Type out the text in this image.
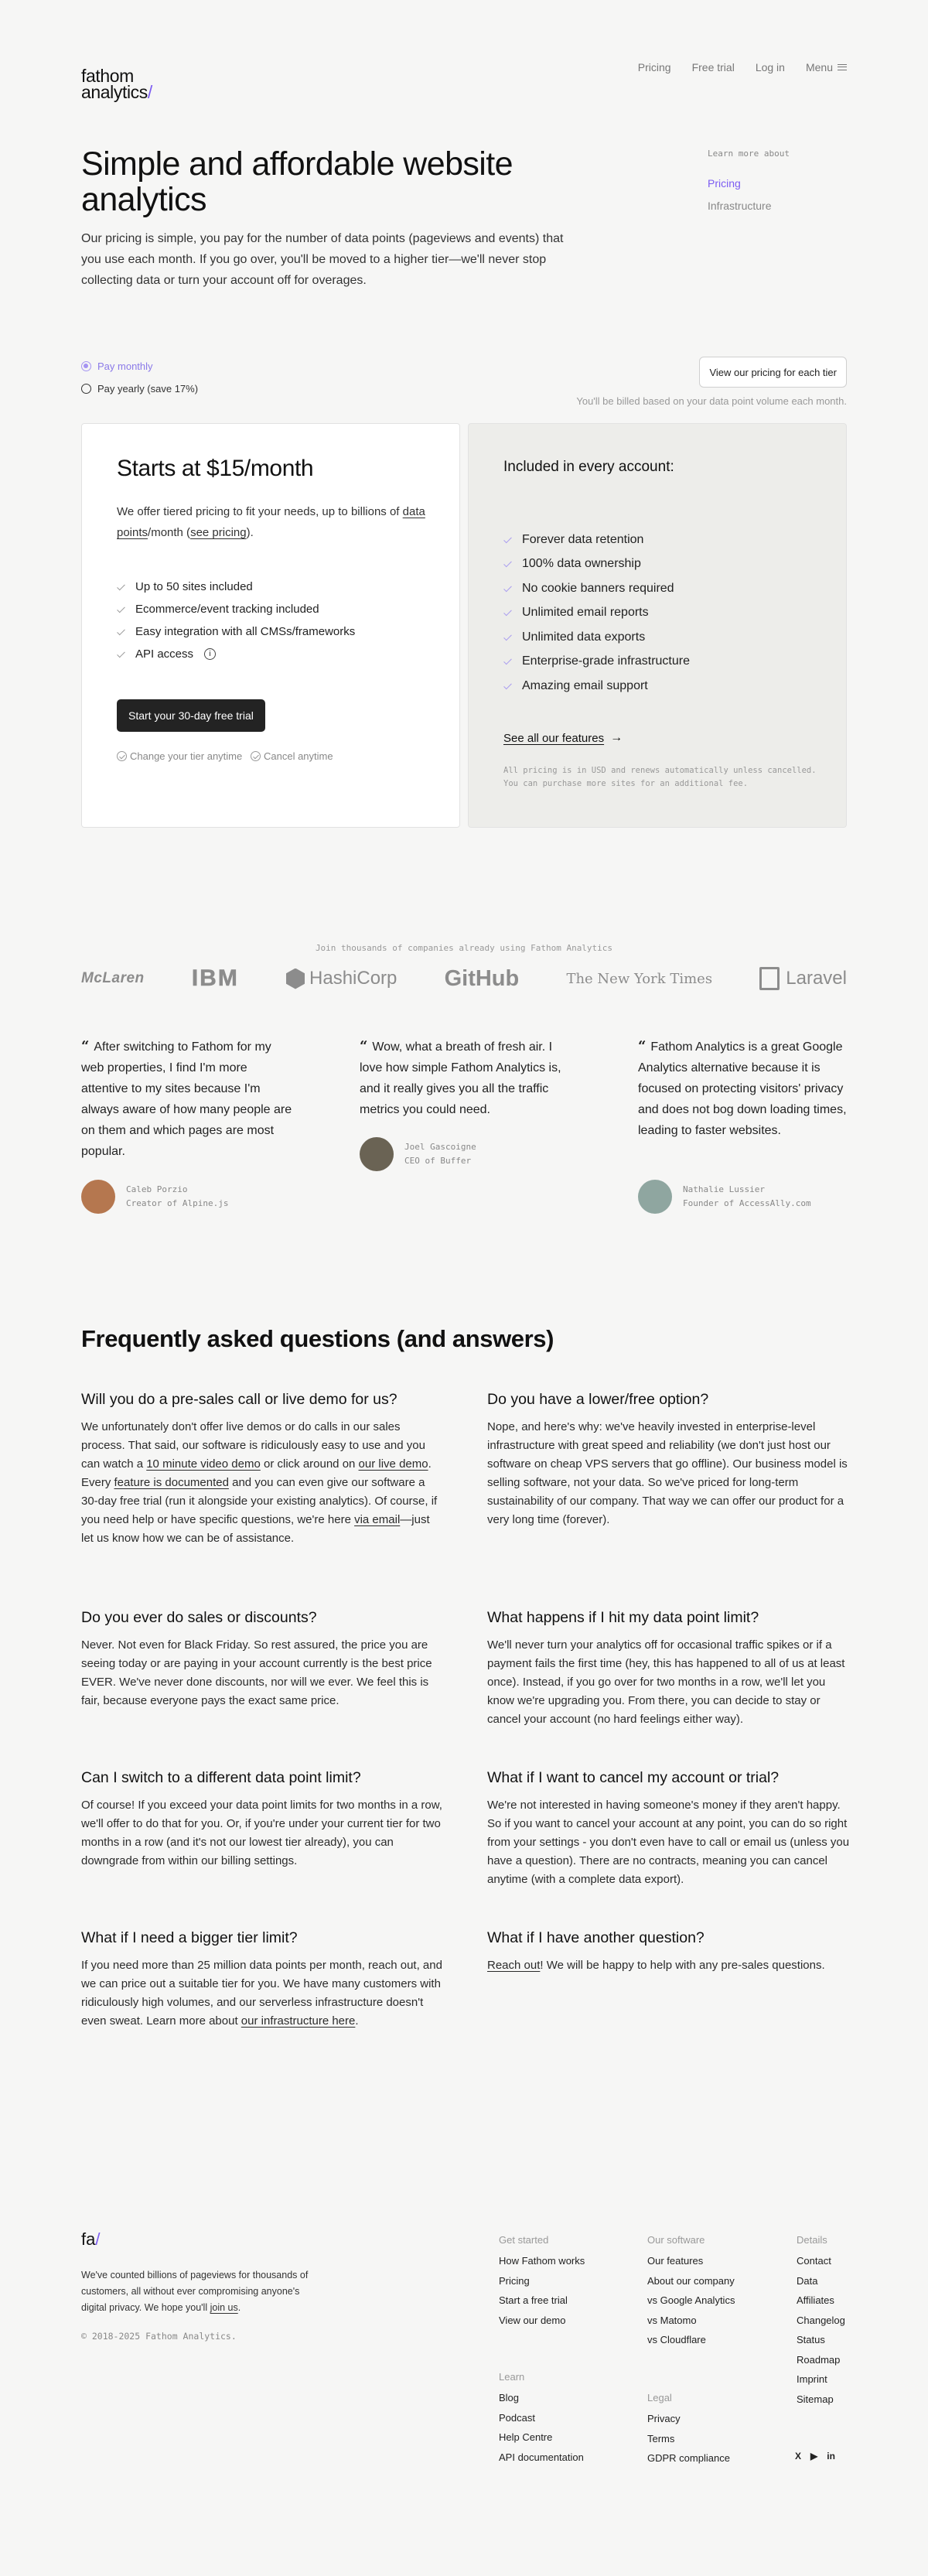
fathom
analytics/
Pricing Free trial Log in Menu
Simple and affordable website analytics

Our pricing is simple, you pay for the number of data points (pageviews and events) that you use each month. If you go over, you'll be moved to a higher tier—we'll never stop collecting data or turn your account off for overages.

Learn more about
Pricing
Infrastructure
Pay monthly
Pay yearly (save 17%)
View our pricing for each tier
You'll be billed based on your data point volume each month.
Starts at $15/month

We offer tiered pricing to fit your needs, up to billions of data points/month (see pricing).

Up to 50 sites included
Ecommerce/event tracking included
Easy integration with all CMSs/frameworks
API access	i
Start your 30-day free trial
Change your tier anytime Cancel anytime
Included in every account:
Forever data retention
100% data ownership
No cookie banners required
Unlimited email reports
Unlimited data exports
Enterprise-grade infrastructure
Amazing email support
See all our features →

All pricing is in USD and renews automatically unless cancelled. You can purchase more sites for an additional fee.

Join thousands of companies already using Fathom Analytics
McLaren IBM	HashiCorp GitHub	The New York Times	Laravel

“ After switching to Fathom for my web properties, I find I'm more attentive to my sites because I'm always aware of how many people are on them and which pages are most popular.

Caleb Porzio
Creator of Alpine.js

“ Wow, what a breath of fresh air. I love how simple Fathom Analytics is, and it really gives you all the traffic metrics you could need.

Joel Gascoigne
CEO of Buffer

“ Fathom Analytics is a great Google Analytics alternative because it is focused on protecting visitors' privacy and does not bog down loading times, leading to faster websites.

Nathalie Lussier
Founder of AccessAlly.com
Frequently asked questions (and answers)
Will you do a pre-sales call or live demo for us?

We unfortunately don't offer live demos or do calls in our sales process. That said, our software is ridiculously easy to use and you can watch a 10 minute video demo or click around on our live demo. Every feature is documented and you can even give our software a 30-day free trial (run it alongside your existing analytics). Of course, if you need help or have specific questions, we're here via email—just let us know how we can be of assistance.

Do you have a lower/free option?

Nope, and here's why: we've heavily invested in enterprise-level infrastructure with great speed and reliability (we don't just host our software on cheap VPS servers that go offline). Our business model is selling software, not your data. So we've priced for long-term sustainability of our company. That way we can offer our product for a very long time (forever).

Do you ever do sales or discounts?

Never. Not even for Black Friday. So rest assured, the price you are seeing today or are paying in your account currently is the best price EVER. We've never done discounts, nor will we ever. We feel this is fair, because everyone pays the exact same price.

What happens if I hit my data point limit?

We'll never turn your analytics off for occasional traffic spikes or if a payment fails the first time (hey, this has happened to all of us at least once). Instead, if you go over for two months in a row, we'll let you know we're upgrading you. From there, you can decide to stay or cancel your account (no hard feelings either way).

Can I switch to a different data point limit?

Of course! If you exceed your data point limits for two months in a row, we'll offer to do that for you. Or, if you're under your current tier for two months in a row (and it's not our lowest tier already), you can downgrade from within our billing settings.

What if I want to cancel my account or trial?

We're not interested in having someone's money if they aren't happy. So if you want to cancel your account at any point, you can do so right from your settings - you don't even have to call or email us (unless you have a question). There are no contracts, meaning you can cancel anytime (with a complete data export).

What if I need a bigger tier limit?

If you need more than 25 million data points per month, reach out, and we can price out a suitable tier for you. We have many customers with ridiculously high volumes, and our serverless infrastructure doesn't even sweat. Learn more about our infrastructure here.

What if I have another question?

Reach out! We will be happy to help with any pre-sales questions.

fa/

We've counted billions of pageviews for thousands of customers, all without ever compromising anyone's digital privacy. We hope you'll join us.

© 2018-2025 Fathom Analytics.
Get started
How Fathom works
Pricing
Start a free trial
View our demo
Learn
Blog
Podcast
Help Centre
API documentation
Our software
Our features
About our company
vs Google Analytics
vs Matomo
vs Cloudflare
Legal
Privacy
Terms
GDPR compliance
Details
Contact
Data
Affiliates
Changelog
Status
Roadmap
Imprint
Sitemap
X ▶ in
